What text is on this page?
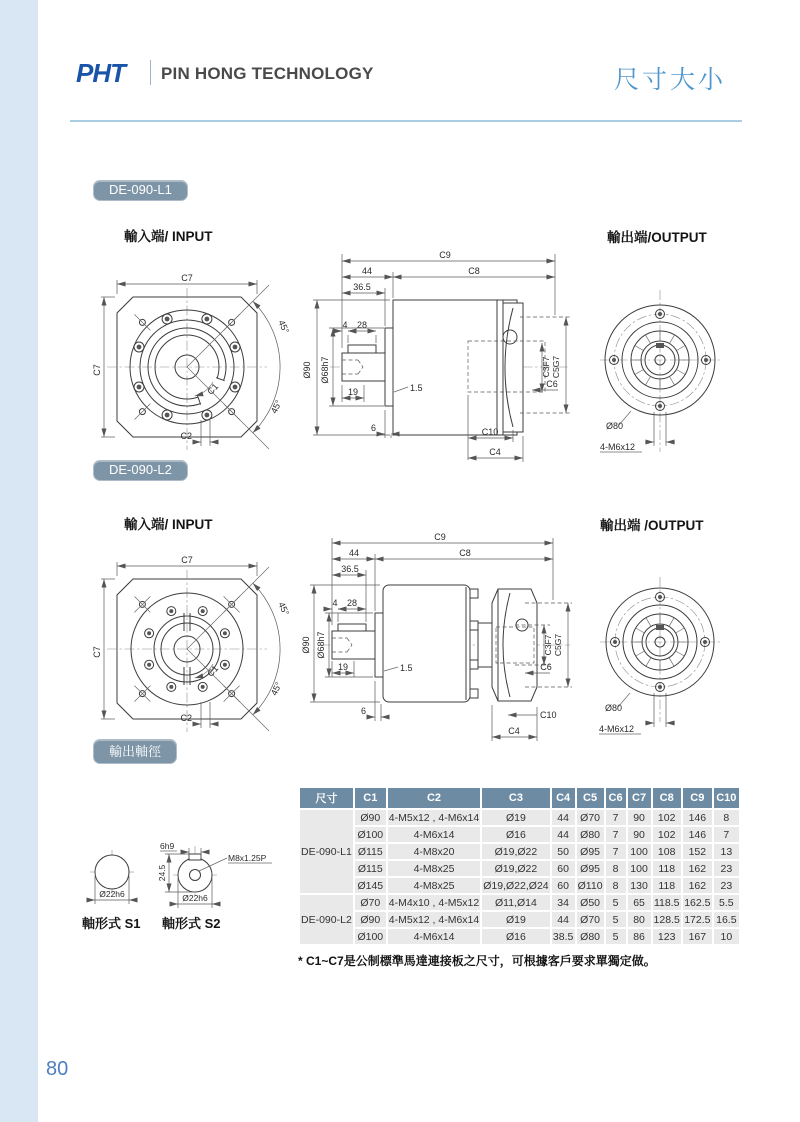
PHT PIN HONG TECHNOLOGY	尺寸大小
DE-090-L1
輸入端/ INPUT	輸出端/OUTPUT
C7
C7
45°
45°
C2
C1
C9
44	C8
36.5
4 28
Ø90 Ø68h7
19	1.5
6	C10
C4
C3F7 C5G7
C6
Ø80
4-M6x12
DE-090-L2
輸入端/ INPUT	輸出端 /OUTPUT
C7
C7
45°
45°
C2
C1
C9
44	C8
36.5
4 28
Ø90 Ø68h7
19	1.5
6	C10
C4
C3F7 C5G7
C6
Ø80
4-M6x12
輸出軸徑
Ø22h6
M8x1.25P
6h9
24.5
Ø22h6
軸形式 S1 軸形式 S2
尺寸	C1	C2	C3	C4	C5	C6	C7	C8	C9	C10
DE-090-L1	Ø90	4-M5x12 , 4-M6x14	Ø19	44	Ø70	7	90	102	146	8
	Ø100	4-M6x14	Ø16	44	Ø80	7	90	102	146	7
	Ø115	4-M8x20	Ø19,Ø22	50	Ø95	7	100	108	152	13
	Ø115	4-M8x25	Ø19,Ø22	60	Ø95	8	100	118	162	23
	Ø145	4-M8x25	Ø19,Ø22,Ø24	60	Ø110	8	130	118	162	23
DE-090-L2	Ø70	4-M4x10 , 4-M5x12	Ø11,Ø14	34	Ø50	5	65	118.5	162.5	5.5
	Ø90	4-M5x12 , 4-M6x14	Ø19	44	Ø70	5	80	128.5	172.5	16.5
	Ø100	4-M6x14	Ø16	38.5	Ø80	5	86	123	167	10
* C1~C7是公制標準馬達連接板之尺寸，可根據客戶要求單獨定做。
80
